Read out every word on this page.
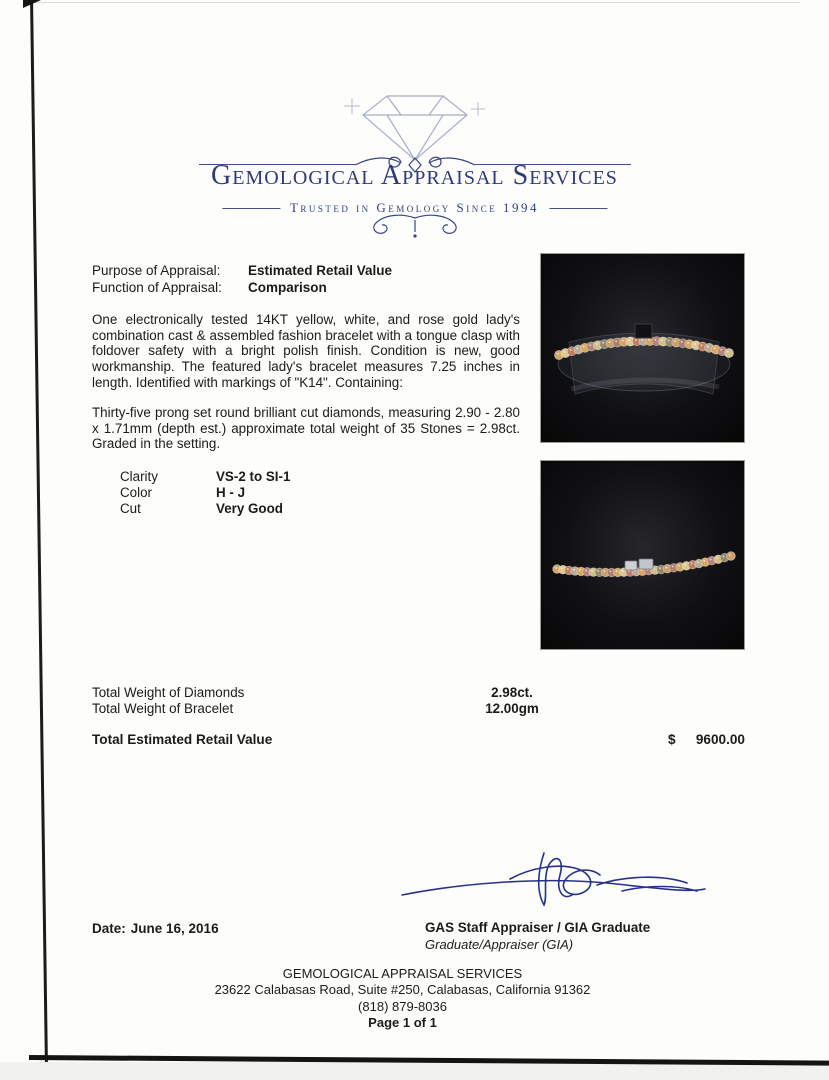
Gemological Appraisal Services
Trusted in Gemology Since 1994
Purpose of Appraisal: Estimated Retail Value
Function of Appraisal: Comparison
One electronically tested 14KT yellow, white, and rose gold lady's combination cast & assembled fashion bracelet with a tongue clasp with foldover safety with a bright polish finish. Condition is new, good workmanship. The featured lady's bracelet measures 7.25 inches in length. Identified with markings of "K14". Containing:
Thirty-five prong set round brilliant cut diamonds, measuring 2.90 - 2.80 x 1.71mm (depth est.) approximate total weight of 35 Stones = 2.98ct. Graded in the setting.
Clarity	VS-2 to SI-1
Color	H - J
Cut	Very Good
Total Weight of Diamonds	2.98ct.
Total Weight of Bracelet	12.00gm
Total Estimated Retail Value	$ 9600.00
Date: June 16, 2016	GAS Staff Appraiser / GIA Graduate
Graduate/Appraiser (GIA)
GEMOLOGICAL APPRAISAL SERVICES
23622 Calabasas Road, Suite #250, Calabasas, California 91362
(818) 879-8036
Page 1 of 1
